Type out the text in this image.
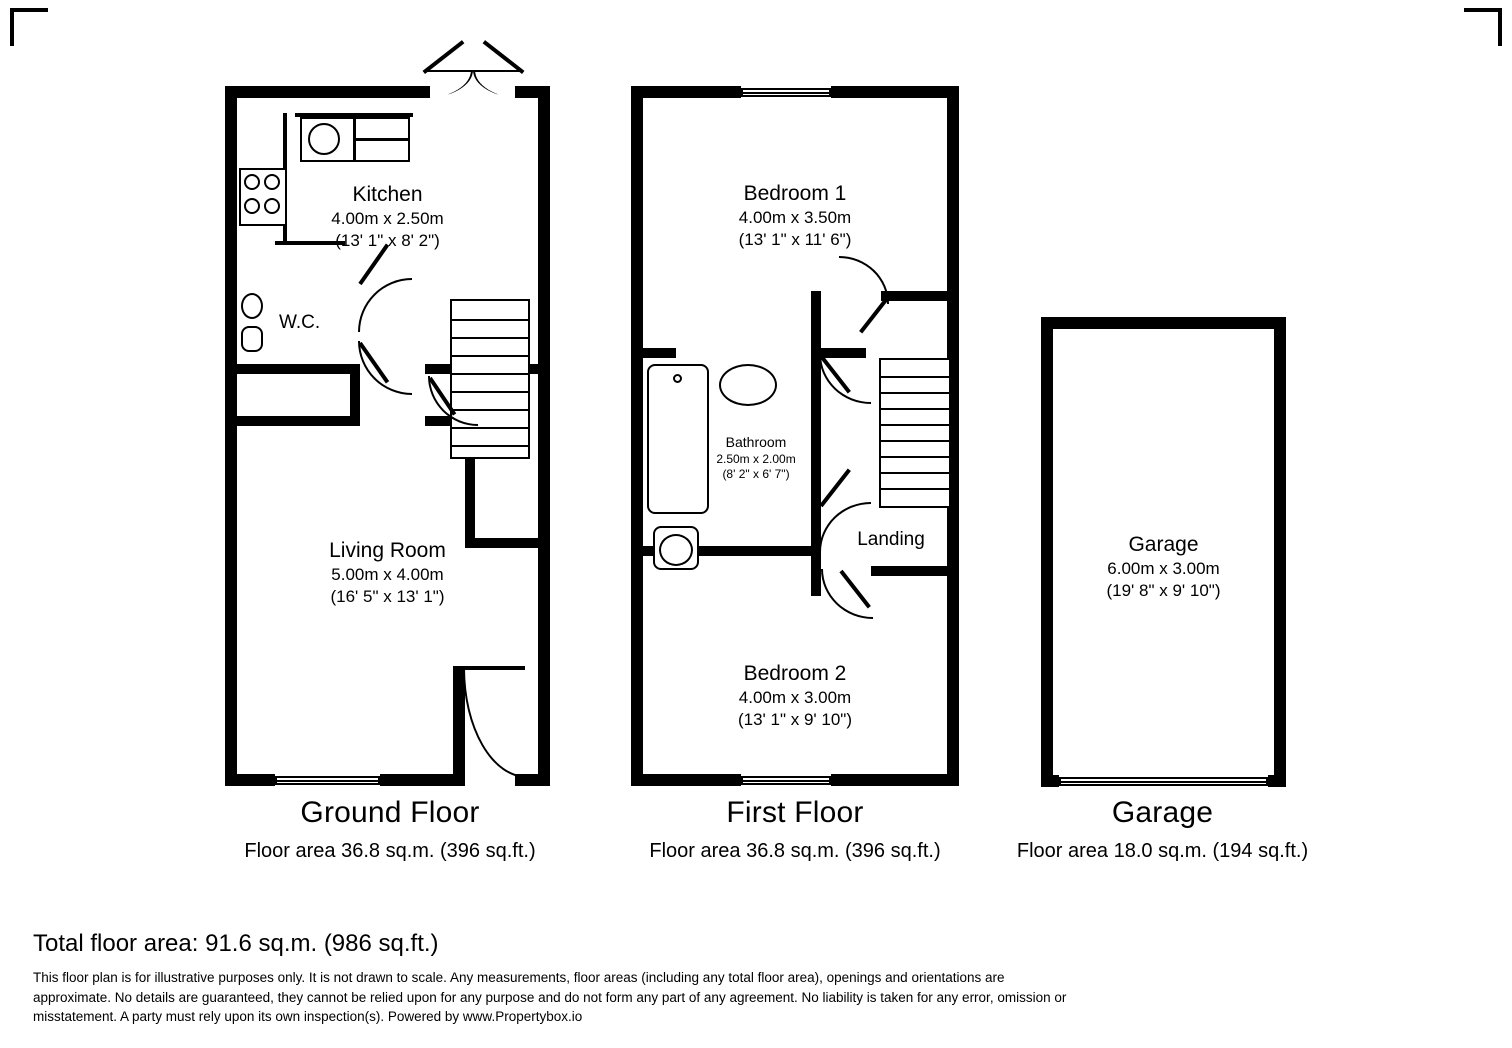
Kitchen
4.00m x 2.50m
(13' 1" x 8' 2")
W.C.
Living Room
5.00m x 4.00m
(16' 5" x 13' 1")
Ground Floor
Floor area 36.8 sq.m. (396 sq.ft.)
Bedroom 1
4.00m x 3.50m
(13' 1" x 11' 6")
Bathroom
2.50m x 2.00m
(8' 2" x 6' 7")
Landing
Bedroom 2
4.00m x 3.00m
(13' 1" x 9' 10")
First Floor
Floor area 36.8 sq.m. (396 sq.ft.)
Garage
6.00m x 3.00m
(19' 8" x 9' 10")
Garage
Floor area 18.0 sq.m. (194 sq.ft.)
Total floor area: 91.6 sq.m. (986 sq.ft.)
This floor plan is for illustrative purposes only. It is not drawn to scale. Any measurements, floor areas (including any total floor area), openings and orientations are approximate. No details are guaranteed, they cannot be relied upon for any purpose and do not form any part of any agreement. No liability is taken for any error, omission or misstatement. A party must rely upon its own inspection(s). Powered by www.Propertybox.io
